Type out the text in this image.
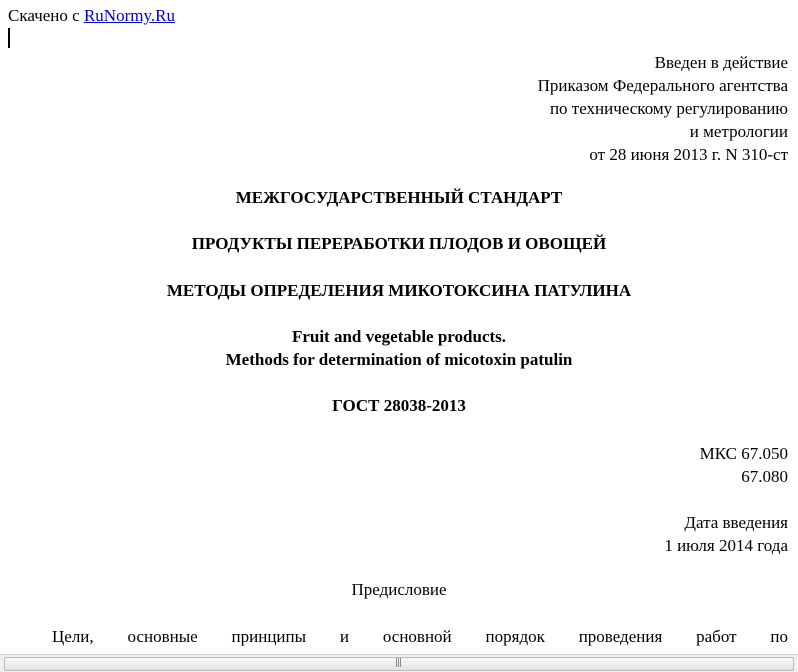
Скачено с RuNormy.Ru
Введен в действие
Приказом Федерального агентства
по техническому регулированию
и метрологии
от 28 июня 2013 г. N 310-ст
МЕЖГОСУДАРСТВЕННЫЙ СТАНДАРТ
ПРОДУКТЫ ПЕРЕРАБОТКИ ПЛОДОВ И ОВОЩЕЙ
МЕТОДЫ ОПРЕДЕЛЕНИЯ МИКОТОКСИНА ПАТУЛИНА
Fruit and vegetable products.
Methods for determination of micotoxin patulin
ГОСТ 28038-2013
МКС 67.050
67.080
Дата введения
1 июля 2014 года
Предисловие
Цели, основные принципы и основной порядок проведения работ по
|||
